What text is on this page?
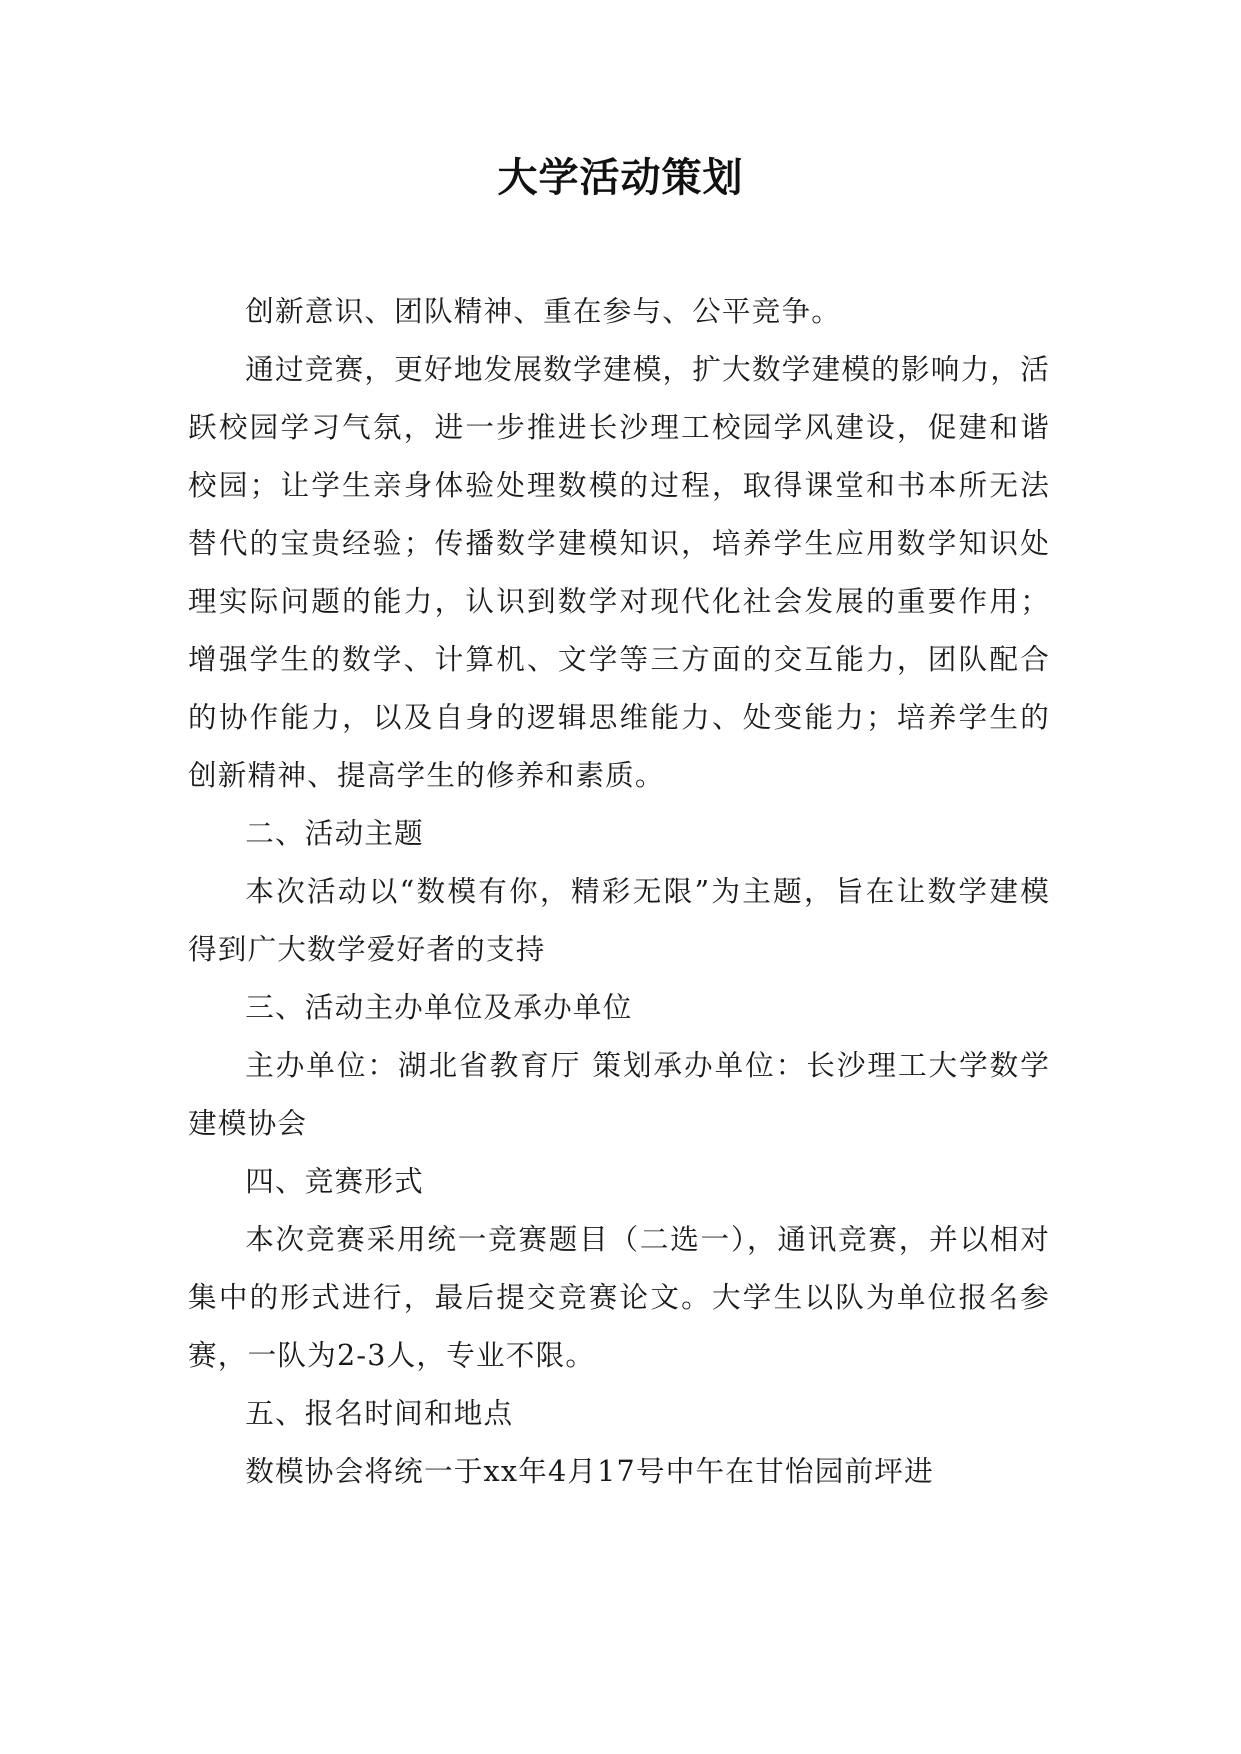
大学活动策划

创新意识、团队精神、重在参与、公平竞争。

通过竞赛，更好地发展数学建模，扩大数学建模的影响力，活跃校园学习气氛，进一步推进长沙理工校园学风建设，促建和谐校园；让学生亲身体验处理数模的过程，取得课堂和书本所无法替代的宝贵经验；传播数学建模知识，培养学生应用数学知识处理实际问题的能力，认识到数学对现代化社会发展的重要作用；增强学生的数学、计算机、文学等三方面的交互能力，团队配合的协作能力，以及自身的逻辑思维能力、处变能力；培养学生的创新精神、提高学生的修养和素质。

二、活动主题

本次活动以“数模有你，精彩无限”为主题，旨在让数学建模得到广大数学爱好者的支持

三、活动主办单位及承办单位

主办单位：湖北省教育厅 策划承办单位：长沙理工大学数学建模协会

四、竞赛形式

本次竞赛采用统一竞赛题目（二选一），通讯竞赛，并以相对集中的形式进行，最后提交竞赛论文。大学生以队为单位报名参赛，一队为2-3人，专业不限。

五、报名时间和地点

数模协会将统一于xx年4月17号中午在甘怡园前坪进
